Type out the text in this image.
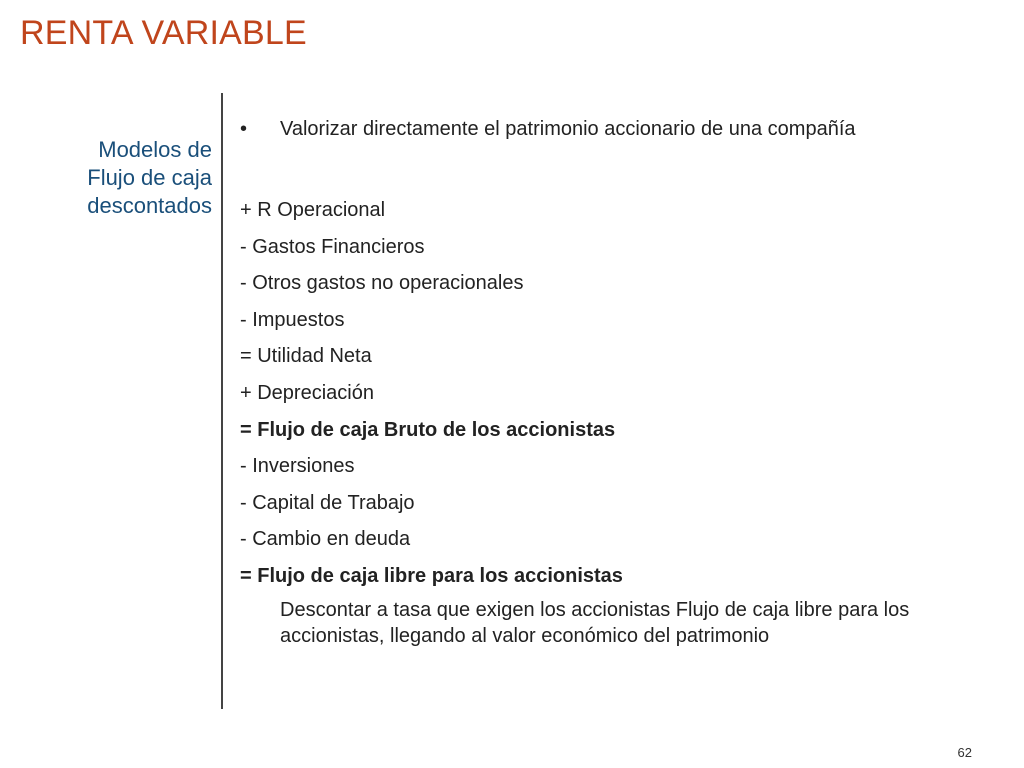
RENTA VARIABLE
Modelos de
Flujo de caja
descontados
•	Valorizar directamente el patrimonio accionario de una compañía
+ R Operacional
- Gastos Financieros
- Otros gastos no operacionales
- Impuestos
= Utilidad Neta
+ Depreciación
= Flujo de caja Bruto de los accionistas
- Inversiones
- Capital de Trabajo
- Cambio en deuda
= Flujo de caja libre para los accionistas
Descontar a tasa que exigen los accionistas Flujo de caja libre para los accionistas, llegando al valor económico del patrimonio
62
